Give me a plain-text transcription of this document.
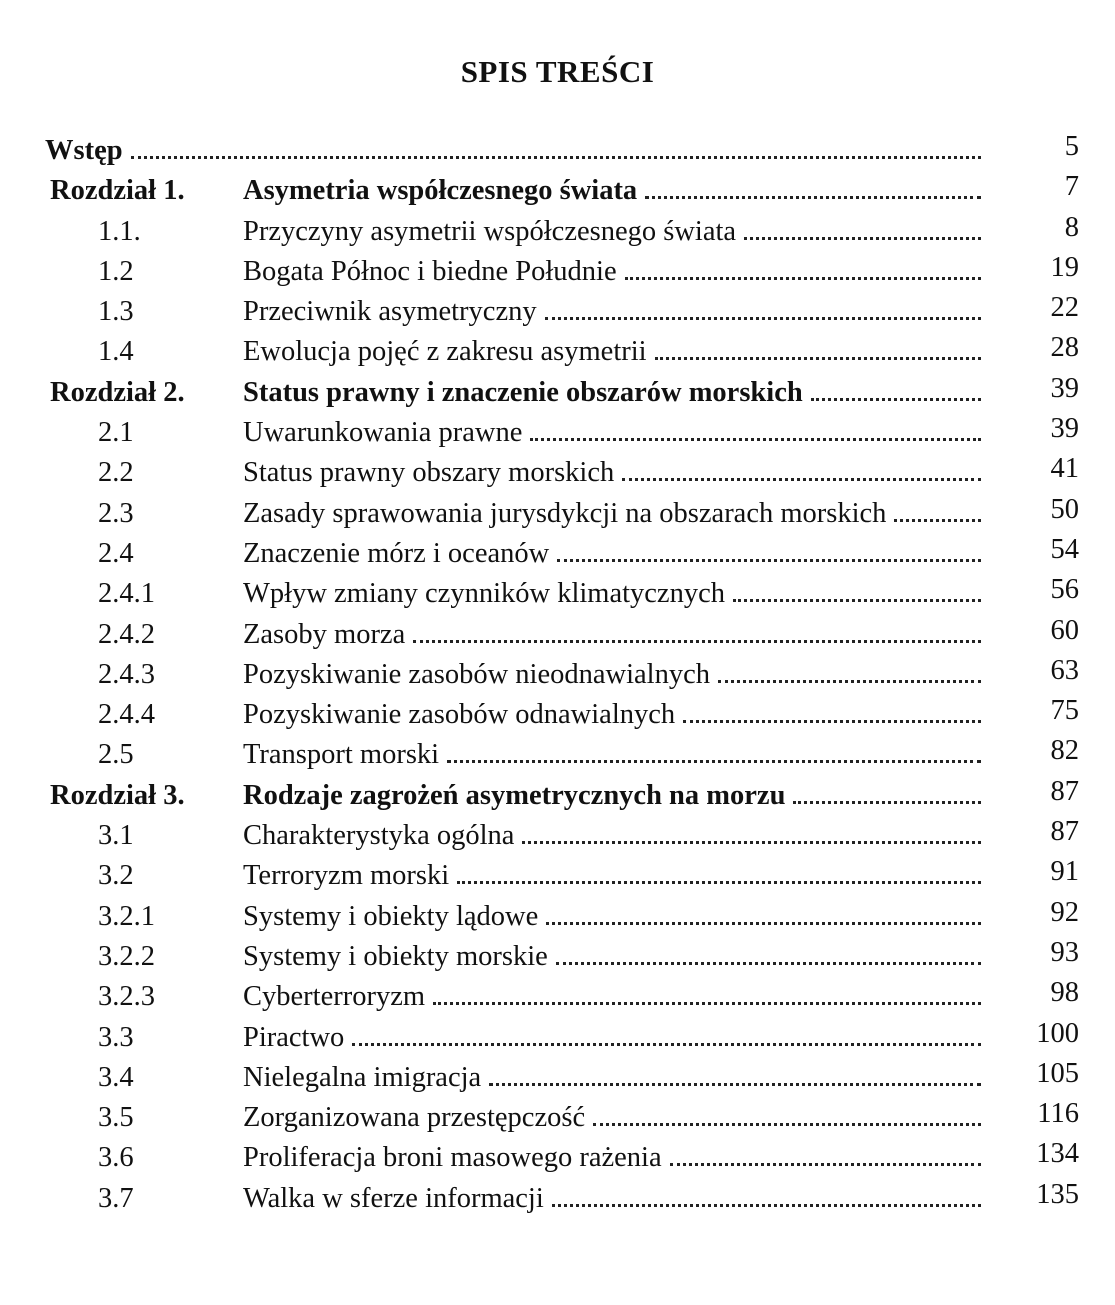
SPIS TREŚCI
Wstęp	5
Rozdział 1. Asymetria współczesnego świata	7
1.1.	Przyczyny asymetrii współczesnego świata	8
1.2	Bogata Północ i biedne Południe	19
1.3	Przeciwnik asymetryczny	22
1.4	Ewolucja pojęć z zakresu asymetrii	28
Rozdział 2. Status prawny i znaczenie obszarów morskich	39
2.1	Uwarunkowania prawne	39
2.2	Status prawny obszary morskich	41
2.3	Zasady sprawowania jurysdykcji na obszarach morskich	50
2.4	Znaczenie mórz i oceanów	54
2.4.1	Wpływ zmiany czynników klimatycznych	56
2.4.2	Zasoby morza	60
2.4.3	Pozyskiwanie zasobów nieodnawialnych	63
2.4.4	Pozyskiwanie zasobów odnawialnych	75
2.5	Transport morski	82
Rozdział 3. Rodzaje zagrożeń asymetrycznych na morzu	87
3.1	Charakterystyka ogólna	87
3.2	Terroryzm morski	91
3.2.1	Systemy i obiekty lądowe	92
3.2.2	Systemy i obiekty morskie	93
3.2.3	Cyberterroryzm	98
3.3	Piractwo	100
3.4	Nielegalna imigracja	105
3.5	Zorganizowana przestępczość	116
3.6	Proliferacja broni masowego rażenia	134
3.7	Walka w sferze informacji	135
